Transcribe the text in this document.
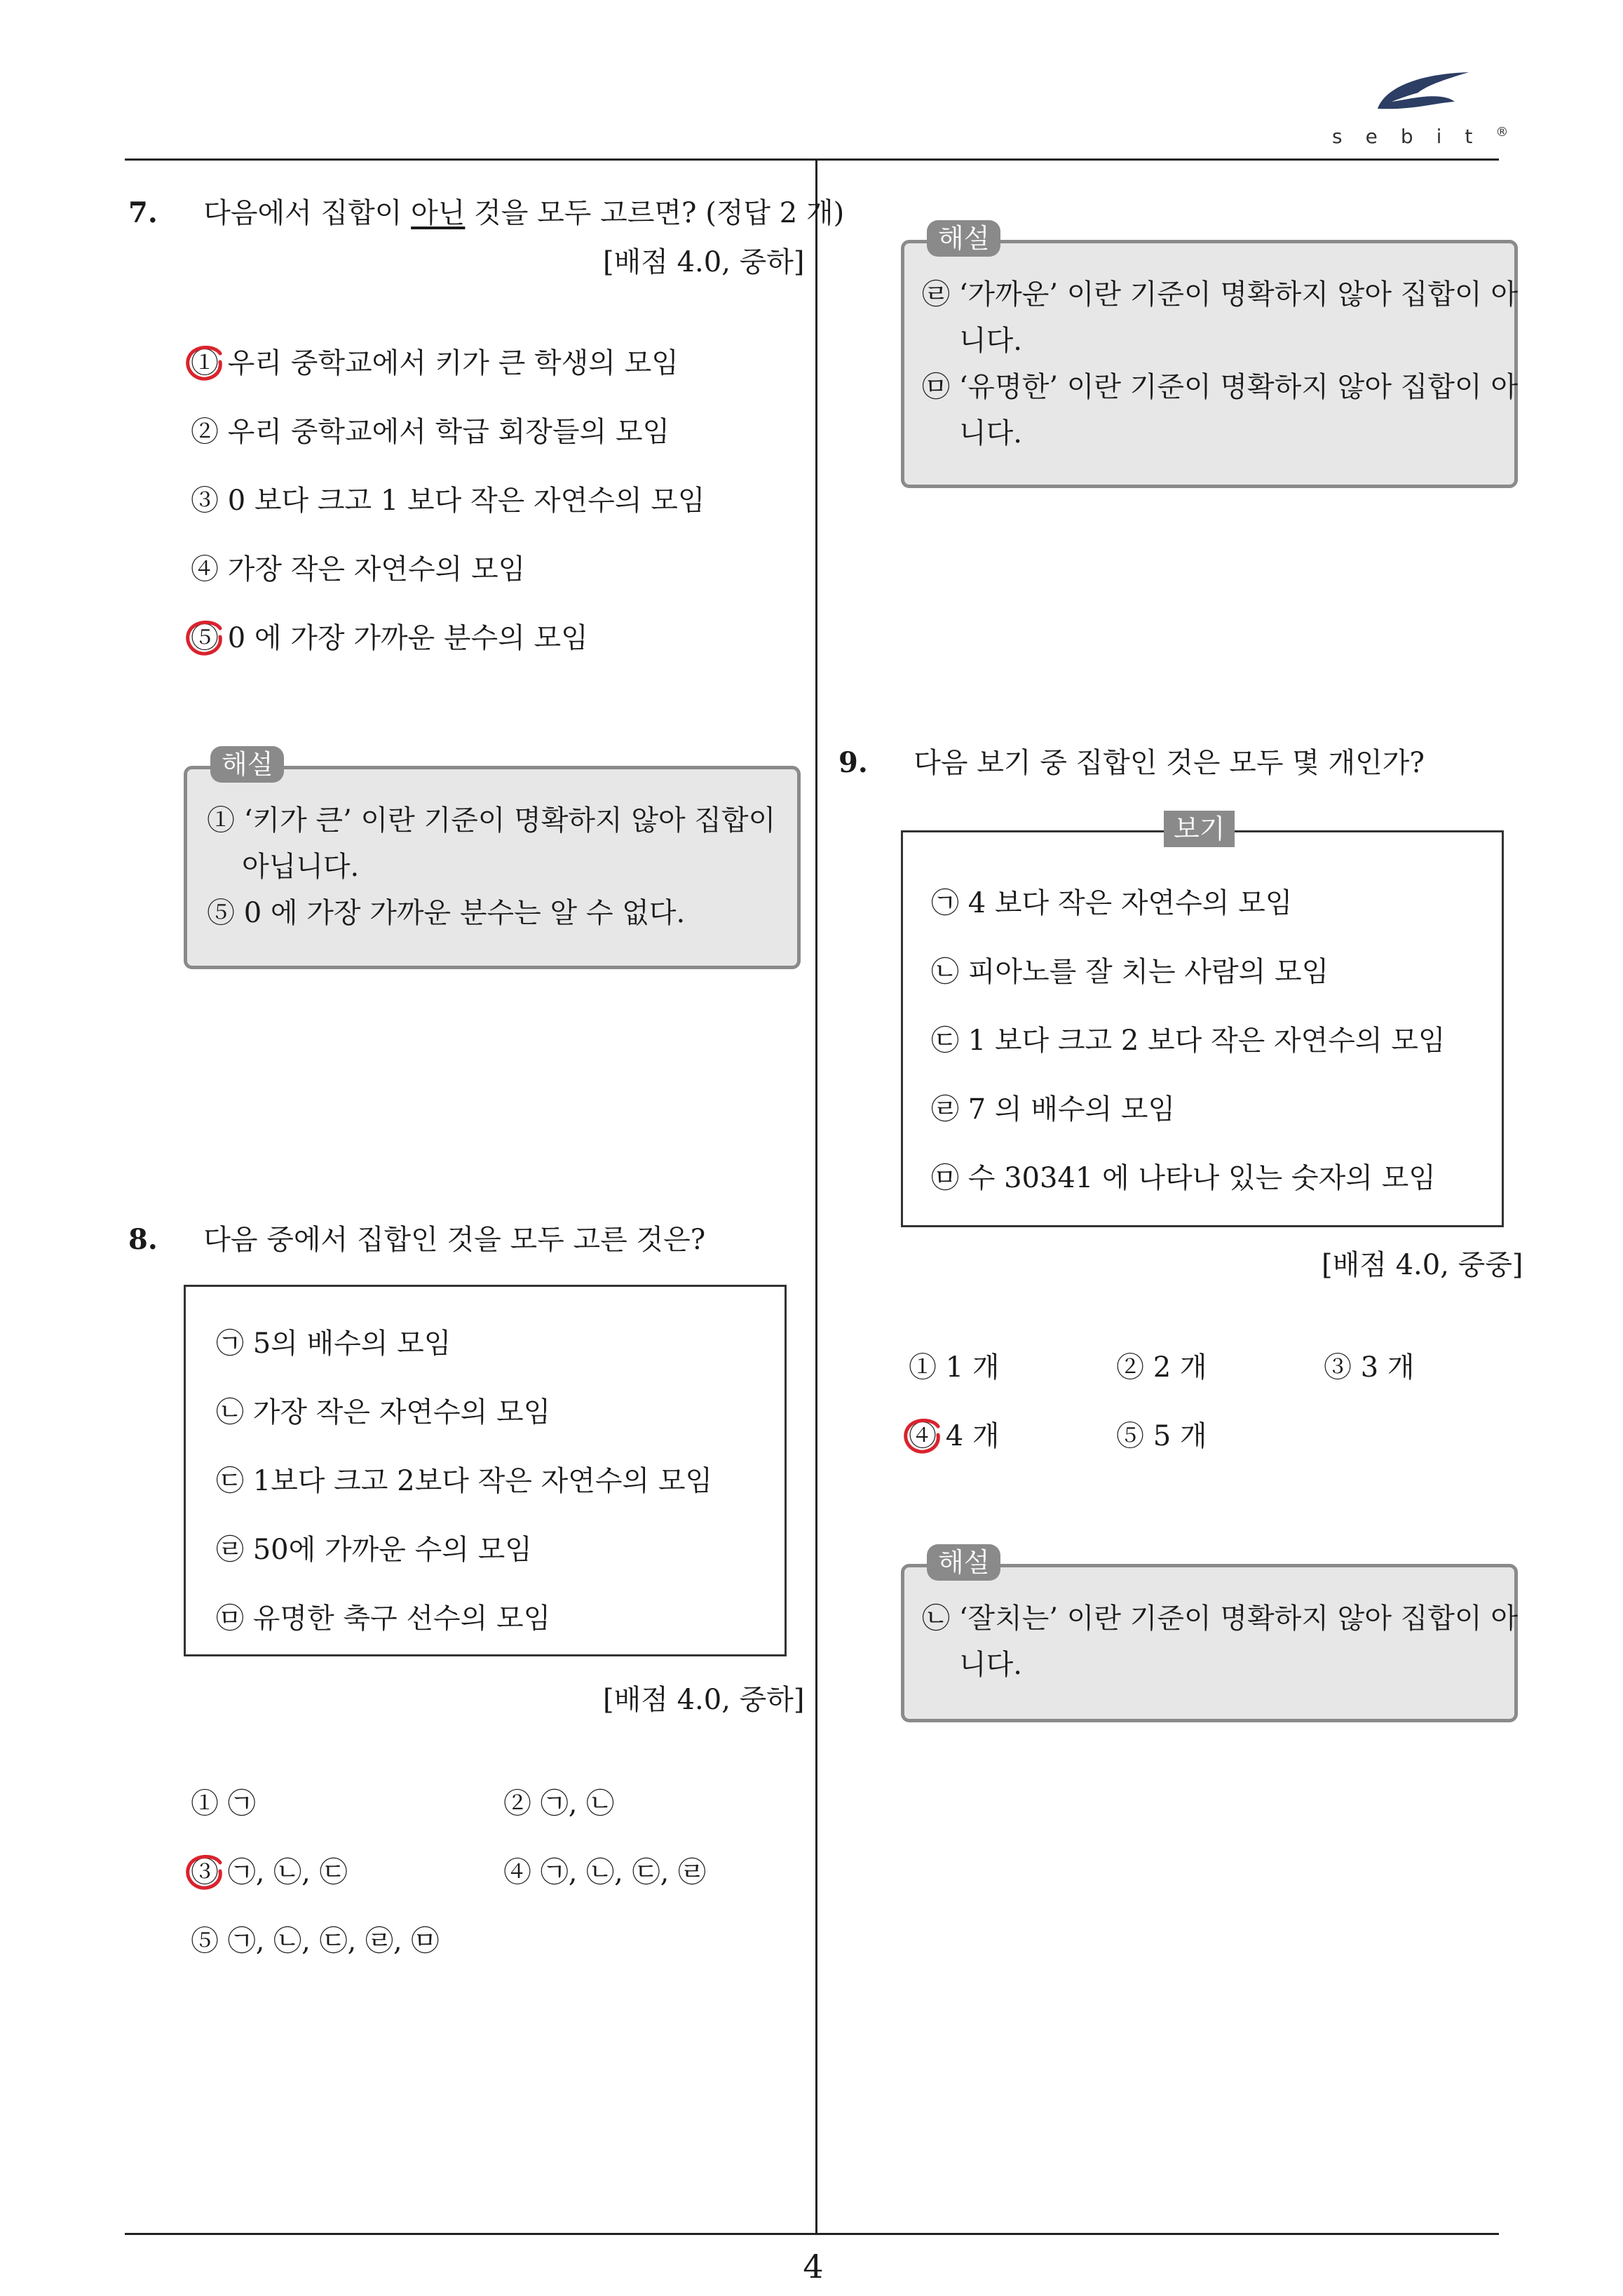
sebit®
7. 다음에서 집합이 아닌 것을 모두 고르면? (정답 2 개)
[배점 4.0, 중하]
① 우리 중학교에서 키가 큰 학생의 모임
② 우리 중학교에서 학급 회장들의 모임
③ 0 보다 크고 1 보다 작은 자연수의 모임
④ 가장 작은 자연수의 모임
⑤ 0 에 가장 가까운 분수의 모임
해설
① ‘키가 큰’ 이란 기준이 명확하지 않아 집합이
아닙니다.
⑤ 0 에 가장 가까운 분수는 알 수 없다.
8. 다음 중에서 집합인 것을 모두 고른 것은?
㉠ 5의 배수의 모임
㉡ 가장 작은 자연수의 모임
㉢ 1보다 크고 2보다 작은 자연수의 모임
㉣ 50에 가까운 수의 모임
㉤ 유명한 축구 선수의 모임
[배점 4.0, 중하]
① ㉠	② ㉠, ㉡
③ ㉠, ㉡, ㉢	④ ㉠, ㉡, ㉢, ㉣
⑤ ㉠, ㉡, ㉢, ㉣, ㉤
해설
㉣ ‘가까운’ 이란 기준이 명확하지 않아 집합이 아
니다.
㉤ ‘유명한’ 이란 기준이 명확하지 않아 집합이 아
니다.
9. 다음 보기 중 집합인 것은 모두 몇 개인가?
보기
㉠ 4 보다 작은 자연수의 모임
㉡ 피아노를 잘 치는 사람의 모임
㉢ 1 보다 크고 2 보다 작은 자연수의 모임
㉣ 7 의 배수의 모임
㉤ 수 30341 에 나타나 있는 숫자의 모임
[배점 4.0, 중중]
① 1 개	② 2 개	③ 3 개
④ 4 개	⑤ 5 개
해설
㉡ ‘잘치는’ 이란 기준이 명확하지 않아 집합이 아
니다.
4
